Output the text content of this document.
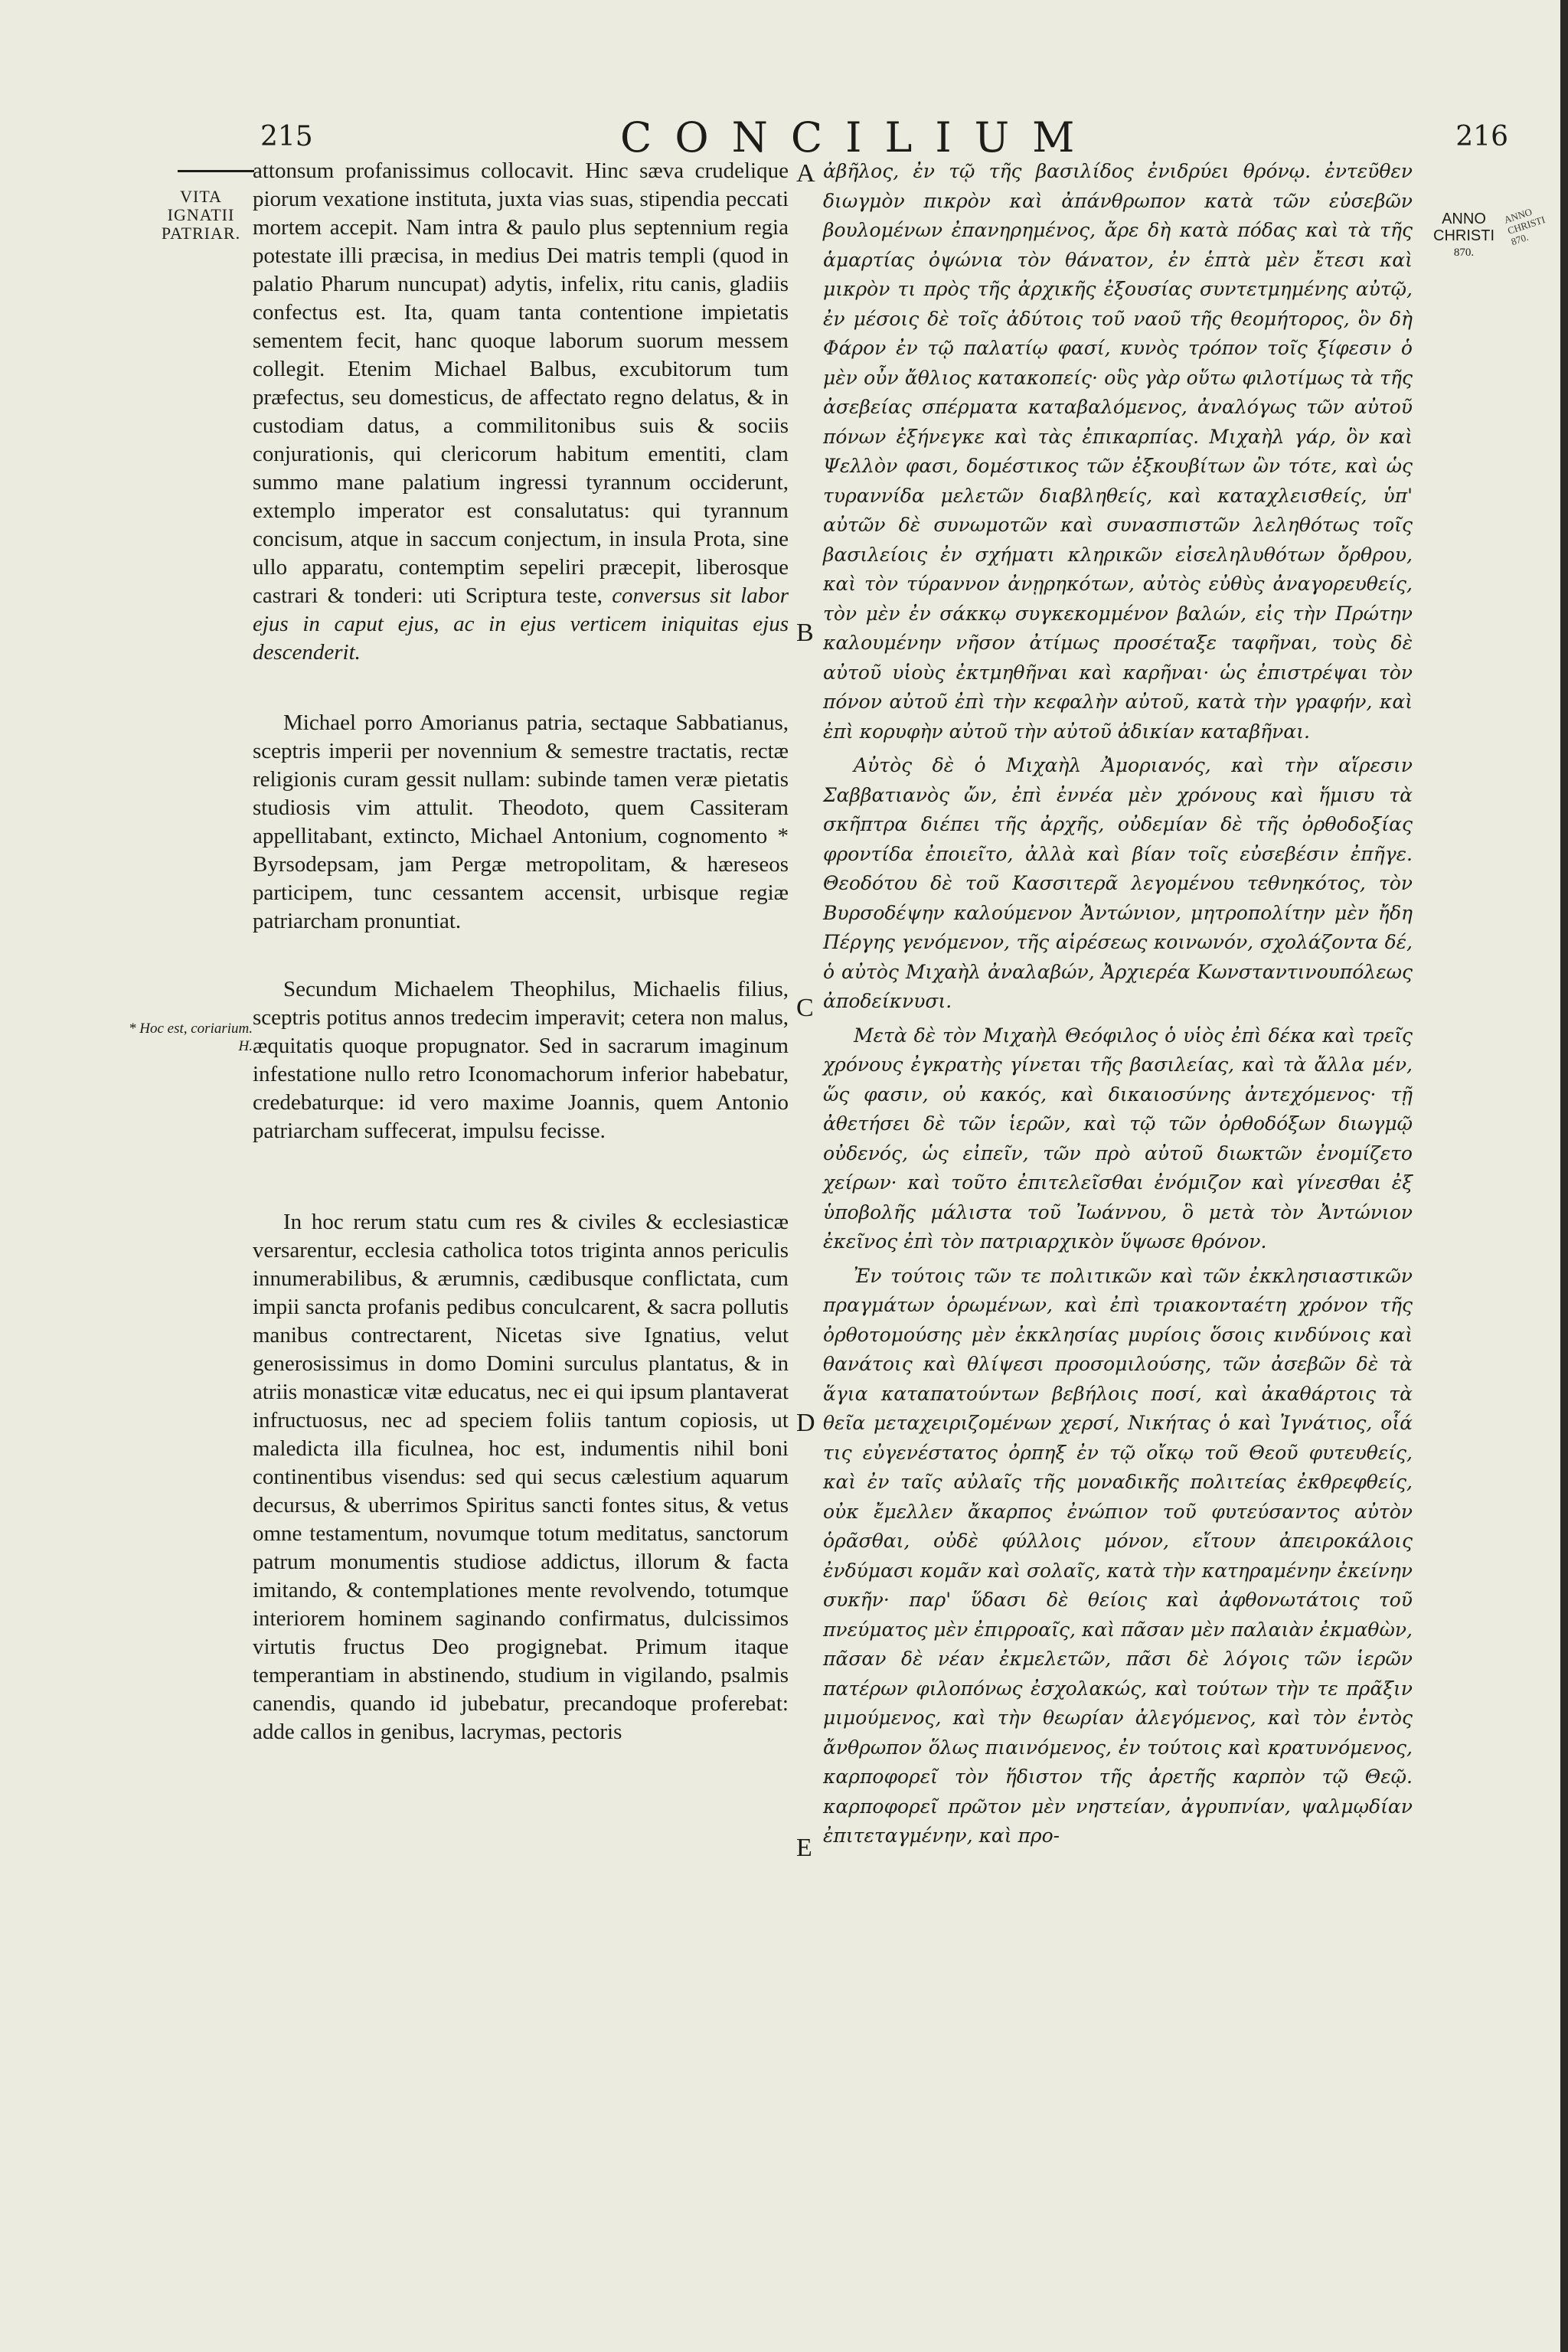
215	CONCILIUM	216
VITA
IGNATII
PATRIAR.
* Hoc est, coriarium. H.
A
B
C
D
E
ANNO
CHRISTI
870.
ANNO CHRISTI 870.

attonsum profanissimus collocavit. Hinc sæva crudelique piorum vexatione instituta, juxta vias suas, stipendia peccati mortem accepit. Nam intra & paulo plus septennium regia potestate illi præcisa, in medius Dei matris templi (quod in palatio Pharum nuncupat) adytis, infelix, ritu canis, gladiis confectus est. Ita, quam tanta contentione impietatis sementem fecit, hanc quoque laborum suorum messem collegit. Etenim Michael Balbus, excubitorum tum præfectus, seu domesticus, de affectato regno delatus, & in custodiam datus, a commilitonibus suis & sociis conjurationis, qui clericorum habitum ementiti, clam summo mane palatium ingressi tyrannum occiderunt, extemplo imperator est consalutatus: qui tyrannum concisum, atque in saccum conjectum, in insula Prota, sine ullo apparatu, contemptim sepeliri præcepit, liberosque castrari & tonderi: uti Scriptura teste, conversus sit labor ejus in caput ejus, ac in ejus verticem iniquitas ejus descenderit.

Michael porro Amorianus patria, sectaque Sabbatianus, sceptris imperii per novennium & semestre tractatis, rectæ religionis curam gessit nullam: subinde tamen veræ pietatis studiosis vim attulit. Theodoto, quem Cassiteram appellitabant, extincto, Michael Antonium, cognomento * Byrsodepsam, jam Pergæ metropolitam, & hæreseos participem, tunc cessantem accensit, urbisque regiæ patriarcham pronuntiat.

Secundum Michaelem Theophilus, Michaelis filius, sceptris potitus annos tredecim imperavit; cetera non malus, æquitatis quoque propugnator. Sed in sacrarum imaginum infestatione nullo retro Iconomachorum inferior habebatur, credebaturque: id vero maxime Joannis, quem Antonio patriarcham suffecerat, impulsu fecisse.

In hoc rerum statu cum res & civiles & ecclesiasticæ versarentur, ecclesia catholica totos triginta annos periculis innumerabilibus, & ærumnis, cædibusque conflictata, cum impii sancta profanis pedibus conculcarent, & sacra pollutis manibus contrectarent, Nicetas sive Ignatius, velut generosissimus in domo Domini surculus plantatus, & in atriis monasticæ vitæ educatus, nec ei qui ipsum plantaverat infructuosus, nec ad speciem foliis tantum copiosis, ut maledicta illa ficulnea, hoc est, indumentis nihil boni continentibus visendus: sed qui secus cælestium aquarum decursus, & uberrimos Spiritus sancti fontes situs, & vetus omne testamentum, novumque totum meditatus, sanctorum patrum monumentis studiose addictus, illorum & facta imitando, & contemplationes mente revolvendo, totumque interiorem hominem saginando confirmatus, dulcissimos virtutis fructus Deo progignebat. Primum itaque temperantiam in abstinendo, studium in vigilando, psalmis canendis, quando id jubebatur, precandoque proferebat: adde callos in genibus, lacrymas, pectoris

ἀβῆλος, ἐν τῷ τῆς βασιλίδος ἐνιδρύει θρόνῳ. ἐντεῦθεν διωγμὸν πικρὸν καὶ ἀπάνθρωπον κατὰ τῶν εὐσεβῶν βουλομένων ἐπανηρημένος, ἄρε δὴ κατὰ πόδας καὶ τὰ τῆς ἁμαρτίας ὀψώνια τὸν θάνατον, ἐν ἑπτὰ μὲν ἔτεσι καὶ μικρὸν τι πρὸς τῆς ἀρχικῆς ἐξουσίας συντετμημένης αὐτῷ, ἐν μέσοις δὲ τοῖς ἀδύτοις τοῦ ναοῦ τῆς θεομήτορος, ὃν δὴ Φάρον ἐν τῷ παλατίῳ φασί, κυνὸς τρόπον τοῖς ξίφεσιν ὁ μὲν οὖν ἄθλιος κατακοπείς· οὓς γὰρ οὕτω φιλοτίμως τὰ τῆς ἀσεβείας σπέρματα καταβαλόμενος, ἀναλόγως τῶν αὐτοῦ πόνων ἐξήνεγκε καὶ τὰς ἐπικαρπίας. Μιχαὴλ γάρ, ὃν καὶ Ψελλὸν φασι, δομέστικος τῶν ἐξκουβίτων ὢν τότε, καὶ ὡς τυραννίδα μελετῶν διαβληθείς, καὶ καταχλεισθείς, ὑπ' αὐτῶν δὲ συνωμοτῶν καὶ συνασπιστῶν λεληθότως τοῖς βασιλείοις ἐν σχήματι κληρικῶν εἰσεληλυθότων ὄρθρου, καὶ τὸν τύραννον ἀνῃρηκότων, αὐτὸς εὐθὺς ἀναγορευθείς, τὸν μὲν ἐν σάκκῳ συγκεκομμένον βαλών, εἰς τὴν Πρώτην καλουμένην νῆσον ἀτίμως προσέταξε ταφῆναι, τοὺς δὲ αὐτοῦ υἱοὺς ἐκτμηθῆναι καὶ καρῆναι· ὡς ἐπιστρέψαι τὸν πόνον αὐτοῦ ἐπὶ τὴν κεφαλὴν αὐτοῦ, κατὰ τὴν γραφήν, καὶ ἐπὶ κορυφὴν αὐτοῦ τὴν αὐτοῦ ἀδικίαν καταβῆναι.

Αὐτὸς δὲ ὁ Μιχαὴλ Ἀμοριανός, καὶ τὴν αἵρεσιν Σαββατιανὸς ὤν, ἐπὶ ἐννέα μὲν χρόνους καὶ ἥμισυ τὰ σκῆπτρα διέπει τῆς ἀρχῆς, οὐδεμίαν δὲ τῆς ὀρθοδοξίας φροντίδα ἐποιεῖτο, ἀλλὰ καὶ βίαν τοῖς εὐσεβέσιν ἐπῆγε. Θεοδότου δὲ τοῦ Κασσιτερᾶ λεγομένου τεθνηκότος, τὸν Βυρσοδέψην καλούμενον Ἀντώνιον, μητροπολίτην μὲν ἤδη Πέργης γενόμενον, τῆς αἱρέσεως κοινωνόν, σχολάζοντα δέ, ὁ αὐτὸς Μιχαὴλ ἀναλαβών, Ἀρχιερέα Κωνσταντινουπόλεως ἀποδείκνυσι.

Μετὰ δὲ τὸν Μιχαὴλ Θεόφιλος ὁ υἱὸς ἐπὶ δέκα καὶ τρεῖς χρόνους ἐγκρατὴς γίνεται τῆς βασιλείας, καὶ τὰ ἄλλα μέν, ὥς φασιν, οὐ κακός, καὶ δικαιοσύνης ἀντεχόμενος· τῇ ἀθετήσει δὲ τῶν ἱερῶν, καὶ τῷ τῶν ὀρθοδόξων διωγμῷ οὐδενός, ὡς εἰπεῖν, τῶν πρὸ αὐτοῦ διωκτῶν ἐνομίζετο χείρων· καὶ τοῦτο ἐπιτελεῖσθαι ἐνόμιζον καὶ γίνεσθαι ἐξ ὑποβολῆς μάλιστα τοῦ Ἰωάννου, ὃ μετὰ τὸν Ἀντώνιον ἐκεῖνος ἐπὶ τὸν πατριαρχικὸν ὕψωσε θρόνον.

Ἐν τούτοις τῶν τε πολιτικῶν καὶ τῶν ἐκκλησιαστικῶν πραγμάτων ὁρωμένων, καὶ ἐπὶ τριακονταέτη χρόνον τῆς ὀρθοτομούσης μὲν ἐκκλησίας μυρίοις ὅσοις κινδύνοις καὶ θανάτοις καὶ θλίψεσι προσομιλούσης, τῶν ἀσεβῶν δὲ τὰ ἅγια καταπατούντων βεβήλοις ποσί, καὶ ἀκαθάρτοις τὰ θεῖα μεταχειριζομένων χερσί, Νικήτας ὁ καὶ Ἰγνάτιος, οἷά τις εὐγενέστατος ὀρπηξ ἐν τῷ οἴκῳ τοῦ Θεοῦ φυτευθείς, καὶ ἐν ταῖς αὐλαῖς τῆς μοναδικῆς πολιτείας ἐκθρεφθείς, οὐκ ἔμελλεν ἄκαρπος ἐνώπιον τοῦ φυτεύσαντος αὐτὸν ὁρᾶσθαι, οὐδὲ φύλλοις μόνον, εἴτουν ἀπειροκάλοις ἐνδύμασι κομᾶν καὶ σολαῖς, κατὰ τὴν κατηραμένην ἐκείνην συκῆν· παρ' ὕδασι δὲ θείοις καὶ ἀφθονωτάτοις τοῦ πνεύματος μὲν ἐπιρροαῖς, καὶ πᾶσαν μὲν παλαιὰν ἐκμαθὼν, πᾶσαν δὲ νέαν ἐκμελετῶν, πᾶσι δὲ λόγοις τῶν ἱερῶν πατέρων φιλοπόνως ἐσχολακώς, καὶ τούτων τὴν τε πρᾶξιν μιμούμενος, καὶ τὴν θεωρίαν ἀλεγόμενος, καὶ τὸν ἐντὸς ἄνθρωπον ὅλως πιαινόμενος, ἐν τούτοις καὶ κρατυνόμενος, καρποφορεῖ τὸν ἥδιστον τῆς ἀρετῆς καρπὸν τῷ Θεῷ. καρποφορεῖ πρῶτον μὲν νηστείαν, ἀγρυπνίαν, ψαλμῳδίαν ἐπιτεταγμένην, καὶ προ-
